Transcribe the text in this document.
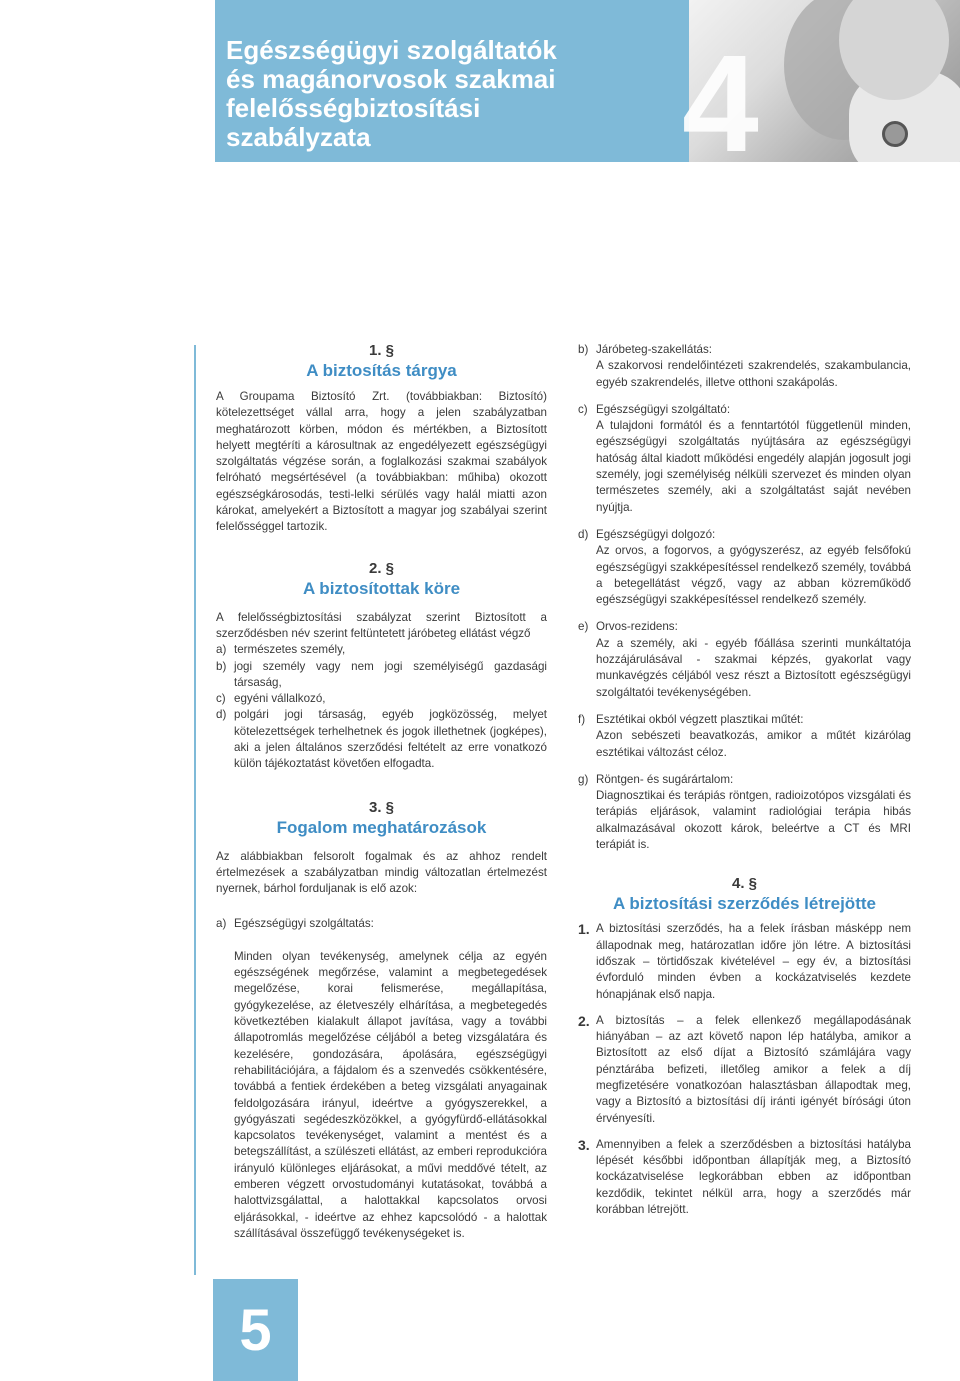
Egészségügyi szolgáltatók
és magánorvosok szakmai
felelősségbiztosítási
szabályzata	4
5
1. §
A biztosítás tárgya

A Groupama Biztosító Zrt. (továbbiakban: Biztosító) kötelezettséget vállal arra, hogy a jelen szabályzatban meghatározott körben, módon és mértékben, a Biztosított helyett megtéríti a károsultnak az engedélyezett egészségügyi szolgáltatás végzése során, a foglalkozási szakmai szabályok felróható megsértésével (a továbbiakban: műhiba) okozott egészségkárosodás, testi-lelki sérülés vagy halál miatti azon károkat, amelyekért a Biztosított a magyar jog szabályai szerint felelősséggel tartozik.

2. §
A biztosítottak köre

A felelősségbiztosítási szabályzat szerint Biztosított a szerződésben név szerint feltüntetett járóbeteg ellátást végző

a) természetes személy,
b) jogi személy vagy nem jogi személyiségű gazdasági társaság,
c) egyéni vállalkozó,
d) polgári jogi társaság, egyéb jogközösség, melyet kötelezettségek terhelhetnek és jogok illethetnek (jogképes), aki a jelen általános szerződési feltételt az erre vonatkozó külön tájékoztatást követően elfogadta.
3. §
Fogalom meghatározások

Az alábbiakban felsorolt fogalmak és az ahhoz rendelt értelmezések a szabályzatban mindig változatlan értelmezést nyernek, bárhol forduljanak is elő azok:

a) Egészségügyi szolgáltatás:

Minden olyan tevékenység, amelynek célja az egyén egészségének megőrzése, valamint a megbetegedések megelőzése, korai felismerése, megállapítása, gyógykezelése, az életveszély elhárítása, a megbetegedés következtében kialakult állapot javítása, vagy a további állapotromlás megelőzése céljából a beteg vizsgálatára és kezelésére, gondozására, ápolására, egészségügyi rehabilitációjára, a fájdalom és a szenvedés csökkentésére, továbbá a fentiek érdekében a beteg vizsgálati anyagainak feldolgozására irányul, ideértve a gyógyszerekkel, a gyógyászati segédeszközökkel, a gyógyfürdő-ellátásokkal kapcsolatos tevékenységet, valamint a mentést és a betegszállítást, a szülészeti ellátást, az emberi reprodukcióra irányuló különleges eljárásokat, a művi meddővé tételt, az emberen végzett orvostudományi kutatásokat, továbbá a halottvizsgálattal, a halottakkal kapcsolatos orvosi eljárásokkal, - ideértve az ehhez kapcsolódó - a halottak szállításával összefüggő tevékenységeket is.

b) Járóbeteg-szakellátás:

A szakorvosi rendelőintézeti szakrendelés, szakambulancia, egyéb szakrendelés, illetve otthoni szakápolás.

c) Egészségügyi szolgáltató:

A tulajdoni formától és a fenntartótól függetlenül minden, egészségügyi szolgáltatás nyújtására az egészségügyi hatóság által kiadott működési engedély alapján jogosult jogi személy, jogi személyiség nélküli szervezet és minden olyan természetes személy, aki a szolgáltatást saját nevében nyújtja.

d) Egészségügyi dolgozó:

Az orvos, a fogorvos, a gyógyszerész, az egyéb felsőfokú egészségügyi szakképesítéssel rendelkező személy, továbbá a betegellátást végző, vagy az abban közreműködő egészségügyi szakképesítéssel rendelkező személy.

e) Orvos-rezidens:

Az a személy, aki - egyéb főállása szerinti munkáltatója hozzájárulásával - szakmai képzés, gyakorlat vagy munkavégzés céljából vesz részt a Biztosított egészségügyi szolgáltatói tevékenységében.

f) Esztétikai okból végzett plasztikai műtét:

Azon sebészeti beavatkozás, amikor a műtét kizárólag esztétikai változást céloz.

g) Röntgen- és sugárártalom:

Diagnosztikai és terápiás röntgen, radioizotópos vizsgálati és terápiás eljárások, valamint radiológiai terápia hibás alkalmazásával okozott károk, beleértve a CT és MRI terápiát is.

4. §
A biztosítási szerződés létrejötte
1. A biztosítási szerződés, ha a felek írásban másképp nem állapodnak meg, határozatlan időre jön létre. A biztosítási időszak – törtidőszak kivételével – egy év, a biztosítási évforduló minden évben a kockázatviselés kezdete hónapjának első napja.
2. A biztosítás – a felek ellenkező megállapodásának hiányában – az azt követő napon lép hatályba, amikor a Biztosított az első díjat a Biztosító számlájára vagy pénztárába befizeti, illetőleg amikor a felek a díj megfizetésére vonatkozóan halasztásban állapodtak meg, vagy a Biztosító a biztosítási díj iránti igényét bírósági úton érvényesíti.
3. Amennyiben a felek a szerződésben a biztosítási hatályba lépését későbbi időpontban állapítják meg, a Biztosító kockázatviselése legkorábban ebben az időpontban kezdődik, tekintet nélkül arra, hogy a szerződés már korábban létrejött.
